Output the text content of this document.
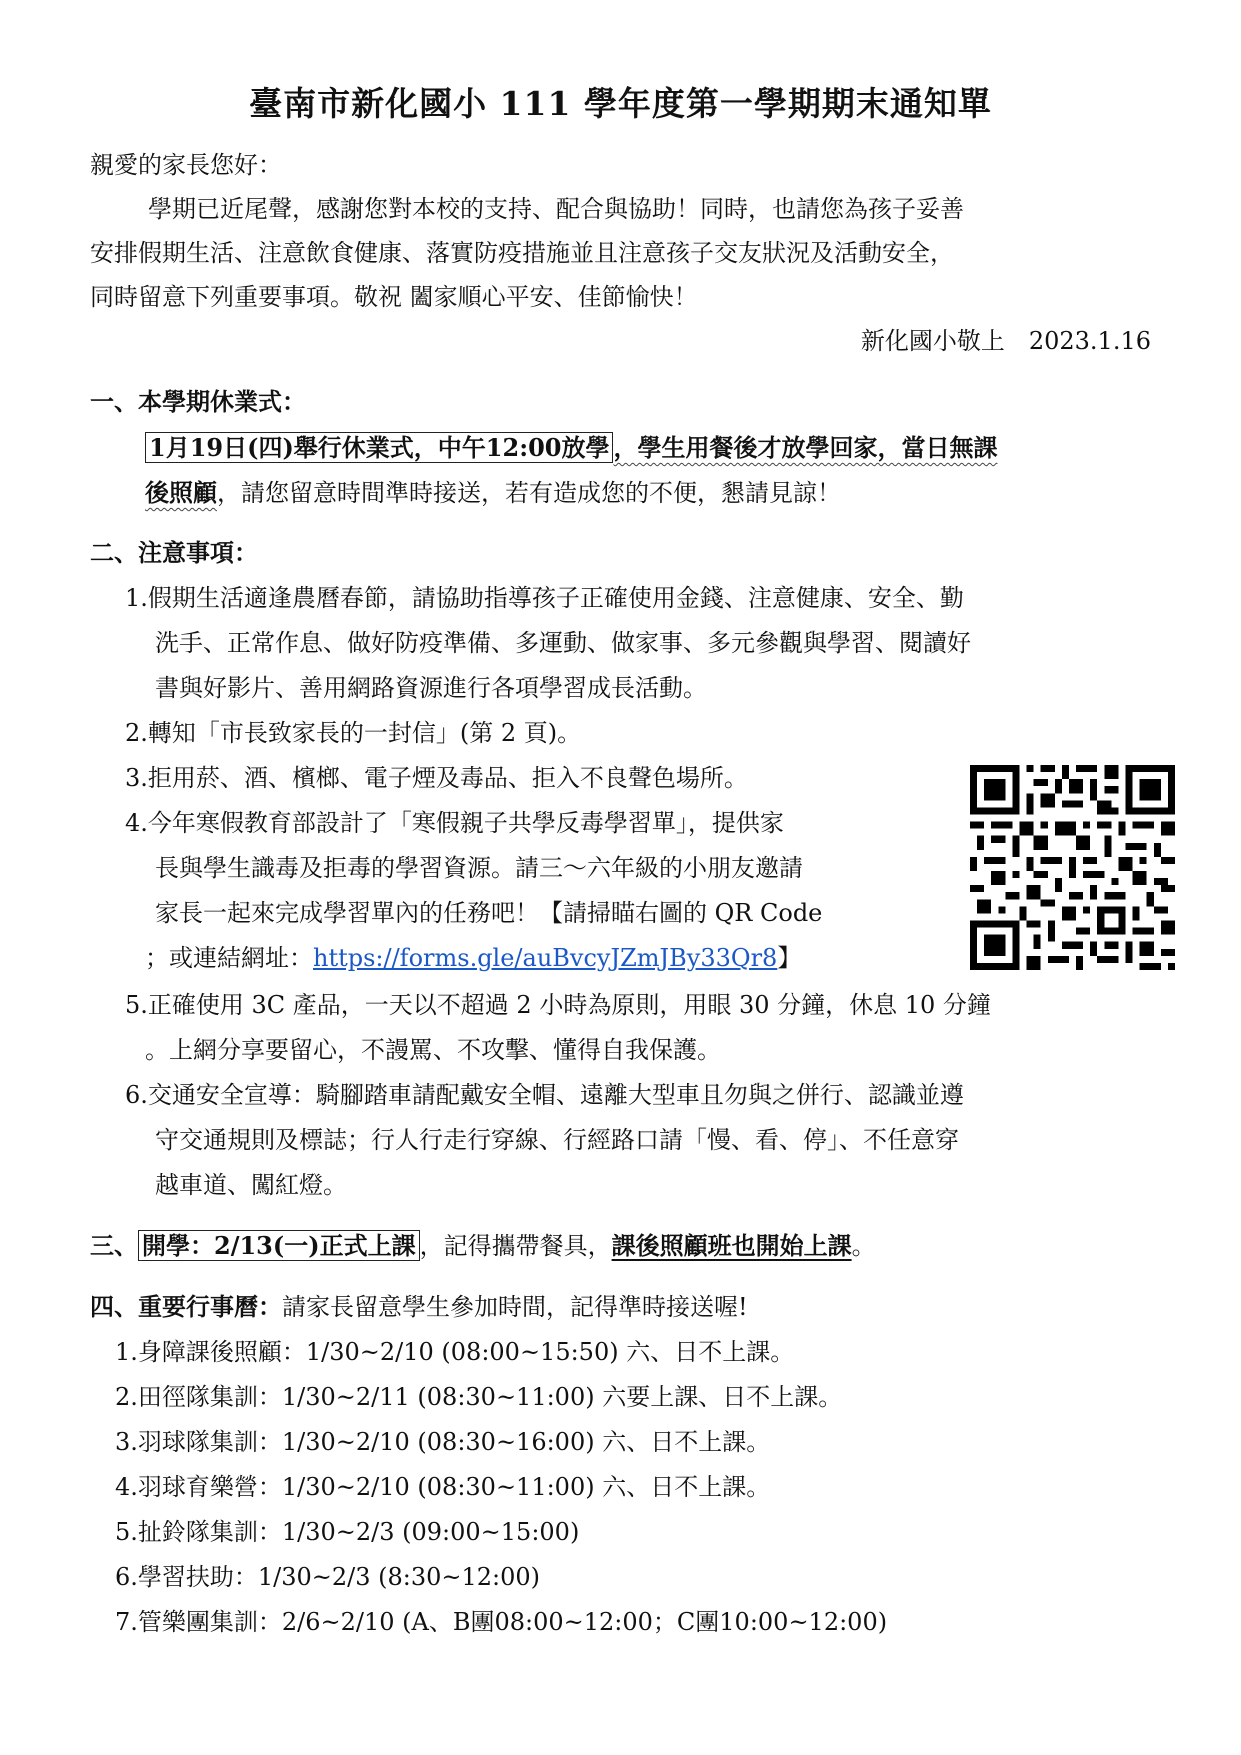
臺南市新化國小 111 學年度第一學期期末通知單
親愛的家長您好：
學期已近尾聲，感謝您對本校的支持、配合與協助！同時，也請您為孩子妥善
安排假期生活、注意飲食健康、落實防疫措施並且注意孩子交友狀況及活動安全，
同時留意下列重要事項。敬祝 闔家順心平安、佳節愉快！
新化國小敬上　2023.1.16
一、本學期休業式：
1月19日(四)舉行休業式，中午12:00放學 ，學生用餐後才放學回家，當日無課
後照顧，請您留意時間準時接送，若有造成您的不便，懇請見諒！
二、注意事項：
1.假期生活適逢農曆春節，請協助指導孩子正確使用金錢、注意健康、安全、勤
洗手、正常作息、做好防疫準備、多運動、做家事、多元參觀與學習、閱讀好
書與好影片、善用網路資源進行各項學習成長活動。
2.轉知「市長致家長的一封信」(第 2 頁)。
3.拒用菸、酒、檳榔、電子煙及毒品、拒入不良聲色場所。
4.今年寒假教育部設計了「寒假親子共學反毒學習單」，提供家
長與學生識毒及拒毒的學習資源。請三～六年級的小朋友邀請
家長一起來完成學習單內的任務吧！【請掃瞄右圖的 QR Code
；或連結網址：https://forms.gle/auBvcyJZmJBy33Qr8】
5.正確使用 3C 產品，一天以不超過 2 小時為原則，用眼 30 分鐘，休息 10 分鐘
。上網分享要留心，不謾罵、不攻擊、懂得自我保護。
6.交通安全宣導：騎腳踏車請配戴安全帽、遠離大型車且勿與之併行、認識並遵
守交通規則及標誌；行人行走行穿線、行經路口請「慢、看、停」、不任意穿
越車道、闖紅燈。
三、 開學：2/13(一)正式上課 ，記得攜帶餐具，課後照顧班也開始上課。
四、重要行事曆：請家長留意學生參加時間，記得準時接送喔!
1.身障課後照顧：1/30~2/10 (08:00~15:50) 六、日不上課。
2.田徑隊集訓：1/30~2/11 (08:30~11:00) 六要上課、日不上課。
3.羽球隊集訓：1/30~2/10 (08:30~16:00) 六、日不上課。
4.羽球育樂營：1/30~2/10 (08:30~11:00) 六、日不上課。
5.扯鈴隊集訓：1/30~2/3 (09:00~15:00)
6.學習扶助：1/30~2/3 (8:30~12:00)
7.管樂團集訓：2/6~2/10 (A、B團08:00~12:00；C團10:00~12:00)
